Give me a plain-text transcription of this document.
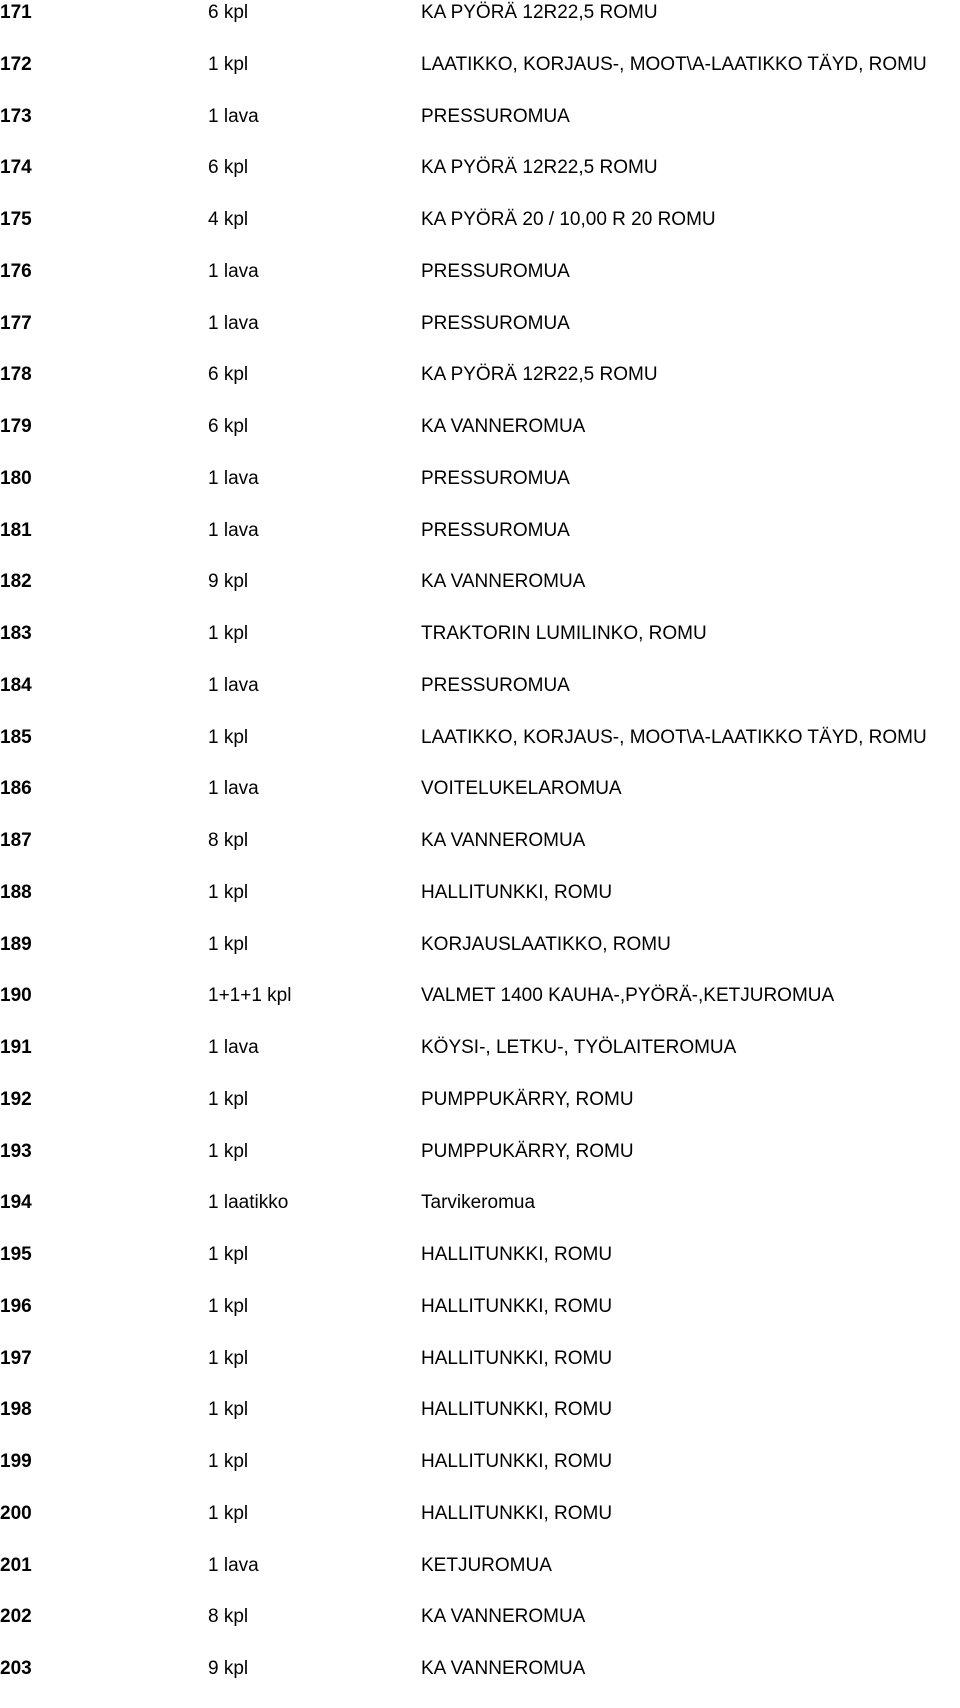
171	6 kpl	KA PYÖRÄ 12R22,5 ROMU
172	1 kpl	LAATIKKO, KORJAUS-, MOOT\A-LAATIKKO TÄYD, ROMU
173	1 lava	PRESSUROMUA
174	6 kpl	KA PYÖRÄ 12R22,5 ROMU
175	4 kpl	KA PYÖRÄ 20 / 10,00 R 20 ROMU
176	1 lava	PRESSUROMUA
177	1 lava	PRESSUROMUA
178	6 kpl	KA PYÖRÄ 12R22,5 ROMU
179	6 kpl	KA VANNEROMUA
180	1 lava	PRESSUROMUA
181	1 lava	PRESSUROMUA
182	9 kpl	KA VANNEROMUA
183	1 kpl	TRAKTORIN LUMILINKO, ROMU
184	1 lava	PRESSUROMUA
185	1 kpl	LAATIKKO, KORJAUS-, MOOT\A-LAATIKKO TÄYD, ROMU
186	1 lava	VOITELUKELAROMUA
187	8 kpl	KA VANNEROMUA
188	1 kpl	HALLITUNKKI, ROMU
189	1 kpl	KORJAUSLAATIKKO, ROMU
190	1+1+1 kpl	VALMET 1400 KAUHA-,PYÖRÄ-,KETJUROMUA
191	1 lava	KÖYSI-, LETKU-, TYÖLAITEROMUA
192	1 kpl	PUMPPUKÄRRY, ROMU
193	1 kpl	PUMPPUKÄRRY, ROMU
194	1 laatikko	Tarvikeromua
195	1 kpl	HALLITUNKKI, ROMU
196	1 kpl	HALLITUNKKI, ROMU
197	1 kpl	HALLITUNKKI, ROMU
198	1 kpl	HALLITUNKKI, ROMU
199	1 kpl	HALLITUNKKI, ROMU
200	1 kpl	HALLITUNKKI, ROMU
201	1 lava	KETJUROMUA
202	8 kpl	KA VANNEROMUA
203	9 kpl	KA VANNEROMUA
